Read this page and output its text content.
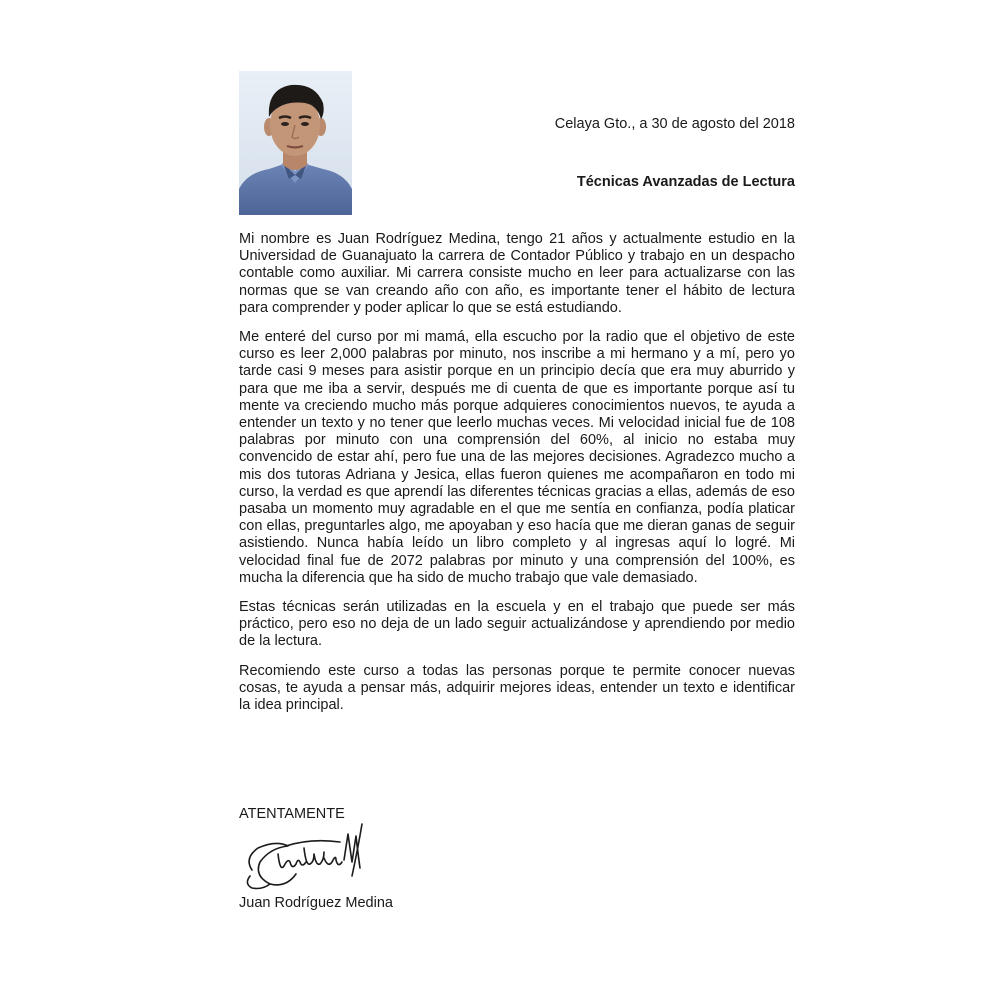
Celaya Gto., a 30 de agosto del 2018
Técnicas Avanzadas de Lectura

Mi nombre es Juan Rodríguez Medina, tengo 21 años y actualmente estudio en la Universidad de Guanajuato la carrera de Contador Público y trabajo en un despacho contable como auxiliar. Mi carrera consiste mucho en leer para actualizarse con las normas que se van creando año con año, es importante tener el hábito de lectura para comprender y poder aplicar lo que se está estudiando.

Me enteré del curso por mi mamá, ella escucho por la radio que el objetivo de este curso es leer 2,000 palabras por minuto, nos inscribe a mi hermano y a mí, pero yo tarde casi 9 meses para asistir porque en un principio decía que era muy aburrido y para que me iba a servir, después me di cuenta de que es importante porque así tu mente va creciendo mucho más porque adquieres conocimientos nuevos, te ayuda a entender un texto y no tener que leerlo muchas veces. Mi velocidad inicial fue de 108 palabras por minuto con una comprensión del 60%, al inicio no estaba muy convencido de estar ahí, pero fue una de las mejores decisiones. Agradezco mucho a mis dos tutoras Adriana y Jesica, ellas fueron quienes me acompañaron en todo mi curso, la verdad es que aprendí las diferentes técnicas gracias a ellas, además de eso pasaba un momento muy agradable en el que me sentía en confianza, podía platicar con ellas, preguntarles algo, me apoyaban y eso hacía que me dieran ganas de seguir asistiendo. Nunca había leído un libro completo y al ingresas aquí lo logré. Mi velocidad final fue de 2072 palabras por minuto y una comprensión del 100%, es mucha la diferencia que ha sido de mucho trabajo que vale demasiado.

Estas técnicas serán utilizadas en la escuela y en el trabajo que puede ser más práctico, pero eso no deja de un lado seguir actualizándose y aprendiendo por medio de la lectura.

Recomiendo este curso a todas las personas porque te permite conocer nuevas cosas, te ayuda a pensar más, adquirir mejores ideas, entender un texto e identificar la idea principal.

ATENTAMENTE
Juan Rodríguez Medina
